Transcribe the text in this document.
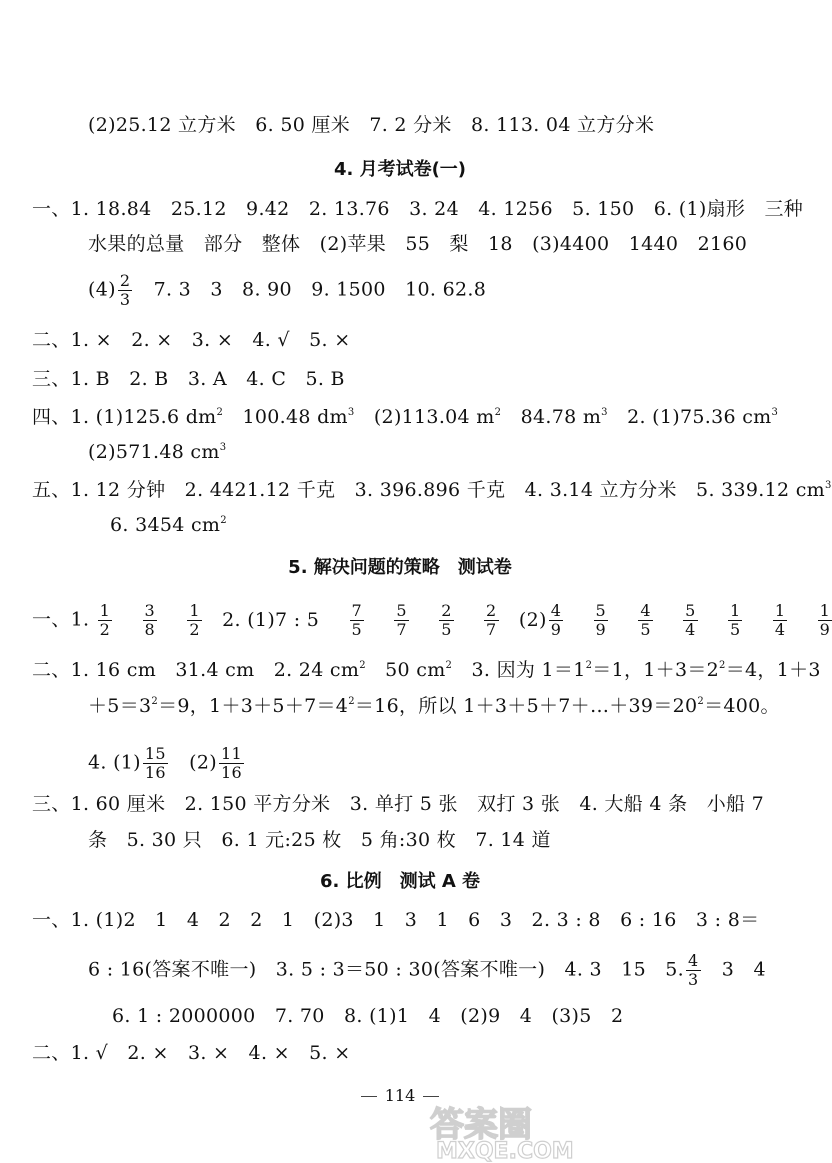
(2)25.12 立方米　6. 50 厘米　7. 2 分米　8. 113. 04 立方分米
4. 月考试卷(一)
一、1. 18.84　25.12　9.42　2. 13.76　3. 24　4. 1256　5. 150　6. (1)扇形　三种
水果的总量　部分　整体　(2)苹果　55　梨　18　(3)4400　1440　2160
$(4) \frac{2}{3}$ 　7. 3　3　8. 90　9. 1500　10. 62.8
二、1. ×　2. ×　3. ×　4. √　5. ×
三、1. B　2. B　3. A　4. C　5. B
四、1. (1)125.6 $dm^2$　100.48 $dm^3$　(2)113.04 $m^2$　84.78 $m^3$　2. (1)75.36 $cm^3$
(2)571.48 $cm^3$
五、1. 12 分钟　2. 4421.12 千克　3. 396.896 千克　4. 3.14 立方分米　5. 339.12 $cm^3$
6. 3454 $cm^2$
5. 解决问题的策略　测试卷
一、1. $\frac{1}{2}$
$\frac{3}{8}$
$\frac{1}{2} 2$. (1)7 : $5 \frac{7}{5}$
$\frac{5}{7}$
$\frac{2}{5}$
$\frac{2}{7} (2) \frac{4}{9}$
$\frac{5}{9}$
$\frac{4}{5}$
$\frac{5}{4}$
$\frac{1}{5}$
$\frac{1}{4}$
$\frac{1}{9}$
二、1. 16 cm　31.4 cm　2. 24 $cm^2$　50 $cm^2$　3. 因为 $1=1^2=1$，$1+3=2^2=4$，1＋3
$+5=3^2=9$，$1+3+5+7=4^2=16$，所以 $1+3+5+7+\dots+39=20^2=400$。
4. $(1) \frac{15}{16}$ 　$(2) \frac{11}{16}$
三、1. 60 厘米　2. 150 平方分米　3. 单打 5 张　双打 3 张　4. 大船 4 条　小船 7
条　5. 30 只　6. 1 元:25 枚　5 角:30 枚　7. 14 道
6. 比例　测试 A 卷
一、1. (1)2　1　4　2　2　1　(2)3　1　3　1　6　3　2. 3 : 8　6 : 16　3 : 8＝
6 : 16(答案不唯一)　3. 5 : 3＝50 : 30(答案不唯一)　4. 3　15　5. $\frac{4}{3}$ 　3　4
6. 1 : 2000000　7. 70　8. (1)1　4　(2)9　4　(3)5　2
二、1. √　2. ×　3. ×　4. ×　5. ×
114
答案圈
MXQE.COM
